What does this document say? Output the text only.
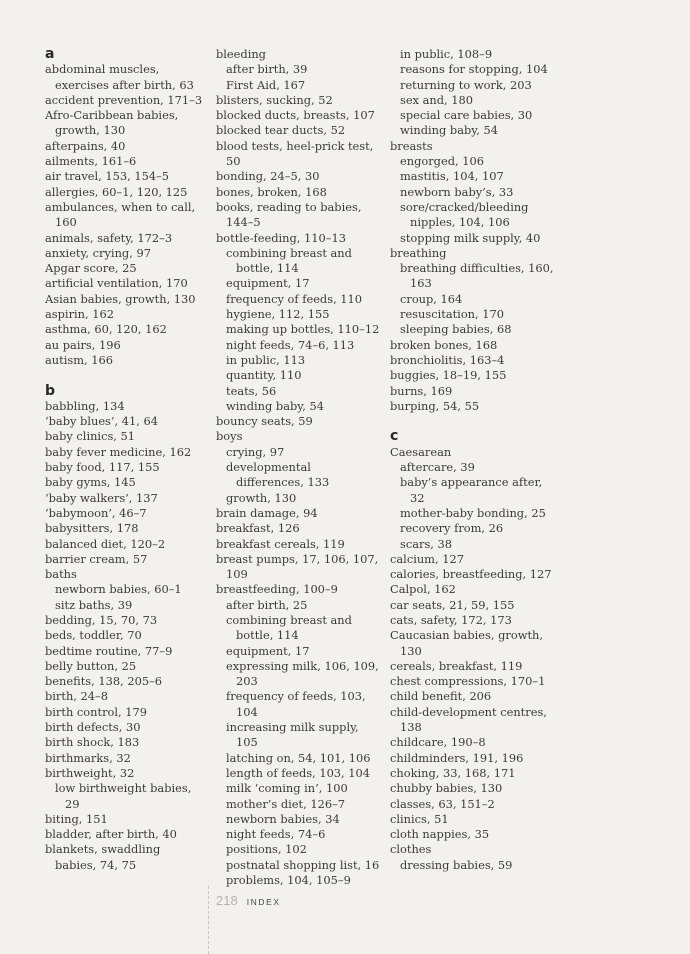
a
abdominal muscles, exercises after birth, 63
accident prevention, 171–3
Afro-Caribbean babies, growth, 130
afterpains, 40
ailments, 161–6
air travel, 153, 154–5
allergies, 60–1, 120, 125
ambulances, when to call, 160
animals, safety, 172–3
anxiety, crying, 97
Apgar score, 25
artificial ventilation, 170
Asian babies, growth, 130
aspirin, 162
asthma, 60, 120, 162
au pairs, 196
autism, 166
b
babbling, 134
‘baby blues’, 41, 64
baby clinics, 51
baby fever medicine, 162
baby food, 117, 155
baby gyms, 145
‘baby walkers’, 137
‘babymoon’, 46–7
babysitters, 178
balanced diet, 120–2
barrier cream, 57
baths
newborn babies, 60–1
sitz baths, 39
bedding, 15, 70, 73
beds, toddler, 70
bedtime routine, 77–9
belly button, 25
benefits, 138, 205–6
birth, 24–8
birth control, 179
birth defects, 30
birth shock, 183
birthmarks, 32
birthweight, 32
low birthweight babies, 29
biting, 151
bladder, after birth, 40
blankets, swaddling babies, 74, 75
bleeding
after birth, 39
First Aid, 167
blisters, sucking, 52
blocked ducts, breasts, 107
blocked tear ducts, 52
blood tests, heel-prick test, 50
bonding, 24–5, 30
bones, broken, 168
books, reading to babies, 144–5
bottle-feeding, 110–13
combining breast and bottle, 114
equipment, 17
frequency of feeds, 110
hygiene, 112, 155
making up bottles, 110–12
night feeds, 74–6, 113
in public, 113
quantity, 110
teats, 56
winding baby, 54
bouncy seats, 59
boys
crying, 97
developmental differences, 133
growth, 130
brain damage, 94
breakfast, 126
breakfast cereals, 119
breast pumps, 17, 106, 107, 109
breastfeeding, 100–9
after birth, 25
combining breast and bottle, 114
equipment, 17
expressing milk, 106, 109, 203
frequency of feeds, 103, 104
increasing milk supply, 105
latching on, 54, 101, 106
length of feeds, 103, 104
milk ‘coming in’, 100
mother’s diet, 126–7
newborn babies, 34
night feeds, 74–6
positions, 102
postnatal shopping list, 16
problems, 104, 105–9
in public, 108–9
reasons for stopping, 104
returning to work, 203
sex and, 180
special care babies, 30
winding baby, 54
breasts
engorged, 106
mastitis, 104, 107
newborn baby’s, 33
sore/cracked/bleeding nipples, 104, 106
stopping milk supply, 40
breathing
breathing difficulties, 160, 163
croup, 164
resuscitation, 170
sleeping babies, 68
broken bones, 168
bronchiolitis, 163–4
buggies, 18–19, 155
burns, 169
burping, 54, 55
c
Caesarean
aftercare, 39
baby’s appearance after, 32
mother-baby bonding, 25
recovery from, 26
scars, 38
calcium, 127
calories, breastfeeding, 127
Calpol, 162
car seats, 21, 59, 155
cats, safety, 172, 173
Caucasian babies, growth, 130
cereals, breakfast, 119
chest compressions, 170–1
child benefit, 206
child-development centres, 138
childcare, 190–8
childminders, 191, 196
choking, 33, 168, 171
chubby babies, 130
classes, 63, 151–2
clinics, 51
cloth nappies, 35
clothes
dressing babies, 59
218 INDEX
